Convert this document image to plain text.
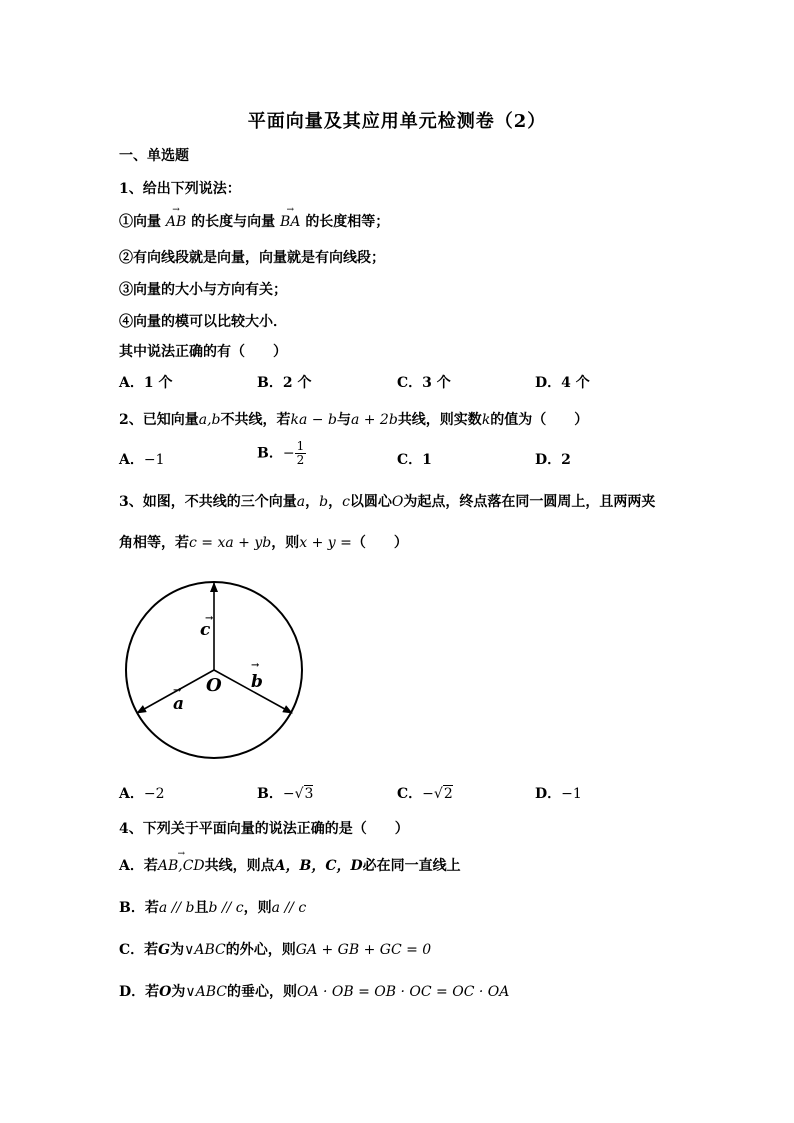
平面向量及其应用单元检测卷（2）
一、单选题
1、给出下列说法：
①向量 → AB 的长度与向量 → BA 的长度相等；
②有向线段就是向量，向量就是有向线段；
③向量的大小与方向有关；
④向量的模可以比较大小．
其中说法正确的有（　　）
A．1 个	B．2 个	C．3 个	D．4 个
2、已知向量a,b不共线，若ka − b与a + 2b共线，则实数k的值为（　　）
A．−1	B．− $\frac{1}{2}$	C．1	D．2
3、如图，不共线的三个向量a，b，c以圆心O为起点，终点落在同一圆周上，且两两夹
角相等，若c = xa + yb，则x + y =（　　）
→
c
→
b
→
a
O
A．−2	B．−√3	C．−√2	D．−1
4、下列关于平面向量的说法正确的是（　　）
A．若→ AB,CD共线，则点A，B，C，D必在同一直线上
B．若a // b且b // c，则a // c
C．若G为∨ABC的外心，则GA + GB + GC = 0
D．若O为∨ABC的垂心，则OA · OB = OB · OC = OC · OA
